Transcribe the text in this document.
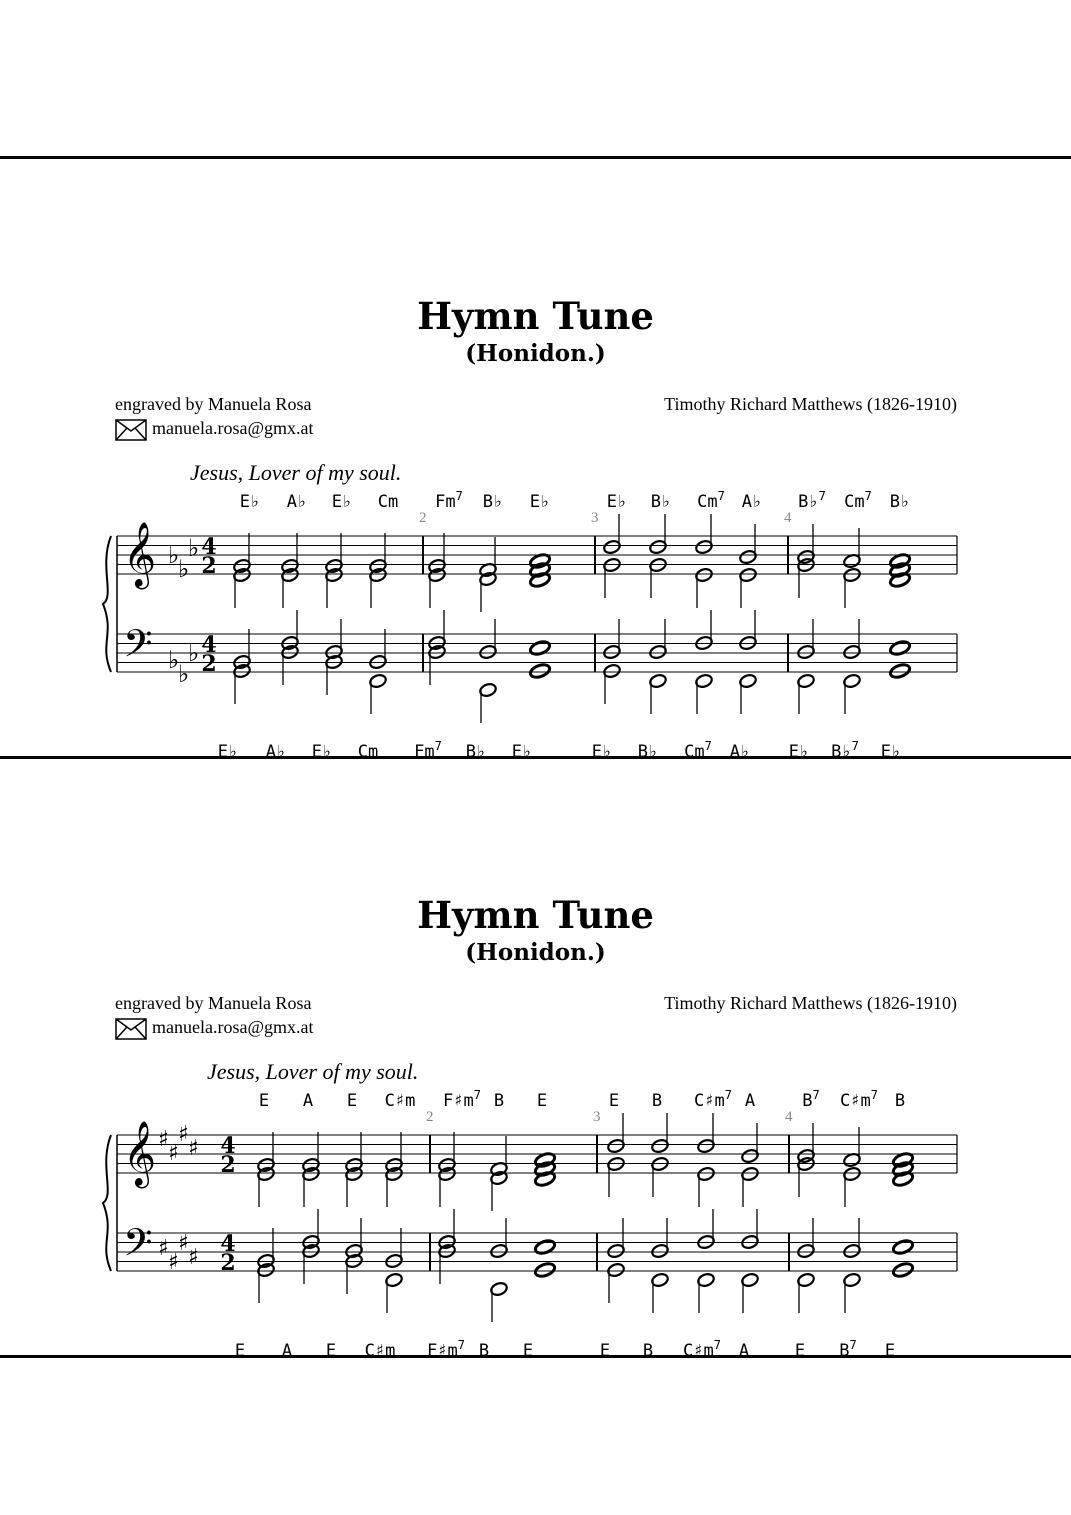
Hymn Tune
(Honidon.)
engraved by Manuela Rosa
manuela.rosa@gmx.at
Timothy Richard Matthews (1826-1910)
Jesus, Lover of my soul.
𝄞
𝄢
♭
♭
♭
♭
♭
♭
4
2
4
2
2	3	4
E♭ A♭ E♭ Cm Fm$^7$ B♭ E♭	E♭ B♭ Cm$^7$ A♭ B♭$^7$ Cm$^7$ B♭
E♭ A♭ E♭ Cm Fm$^7$ B♭ E♭	E♭ B♭ Cm$^7$ A♭ E♭ B♭$^7$ E♭
Hymn Tune
(Honidon.)
engraved by Manuela Rosa
manuela.rosa@gmx.at
Timothy Richard Matthews (1826-1910)
Jesus, Lover of my soul.
𝄞
𝄢
♯
♯
♯
♯
♯
♯
♯
♯
4
2
4
2
2	3	4
E A E C♯m $F♯m^7$ B E	E B $C♯m^7$ A	$B^7$ $C♯m^7$ B
E A E C♯m $F♯m^7$ B E	E B $C♯m^7$ A	E $B^7$ E
